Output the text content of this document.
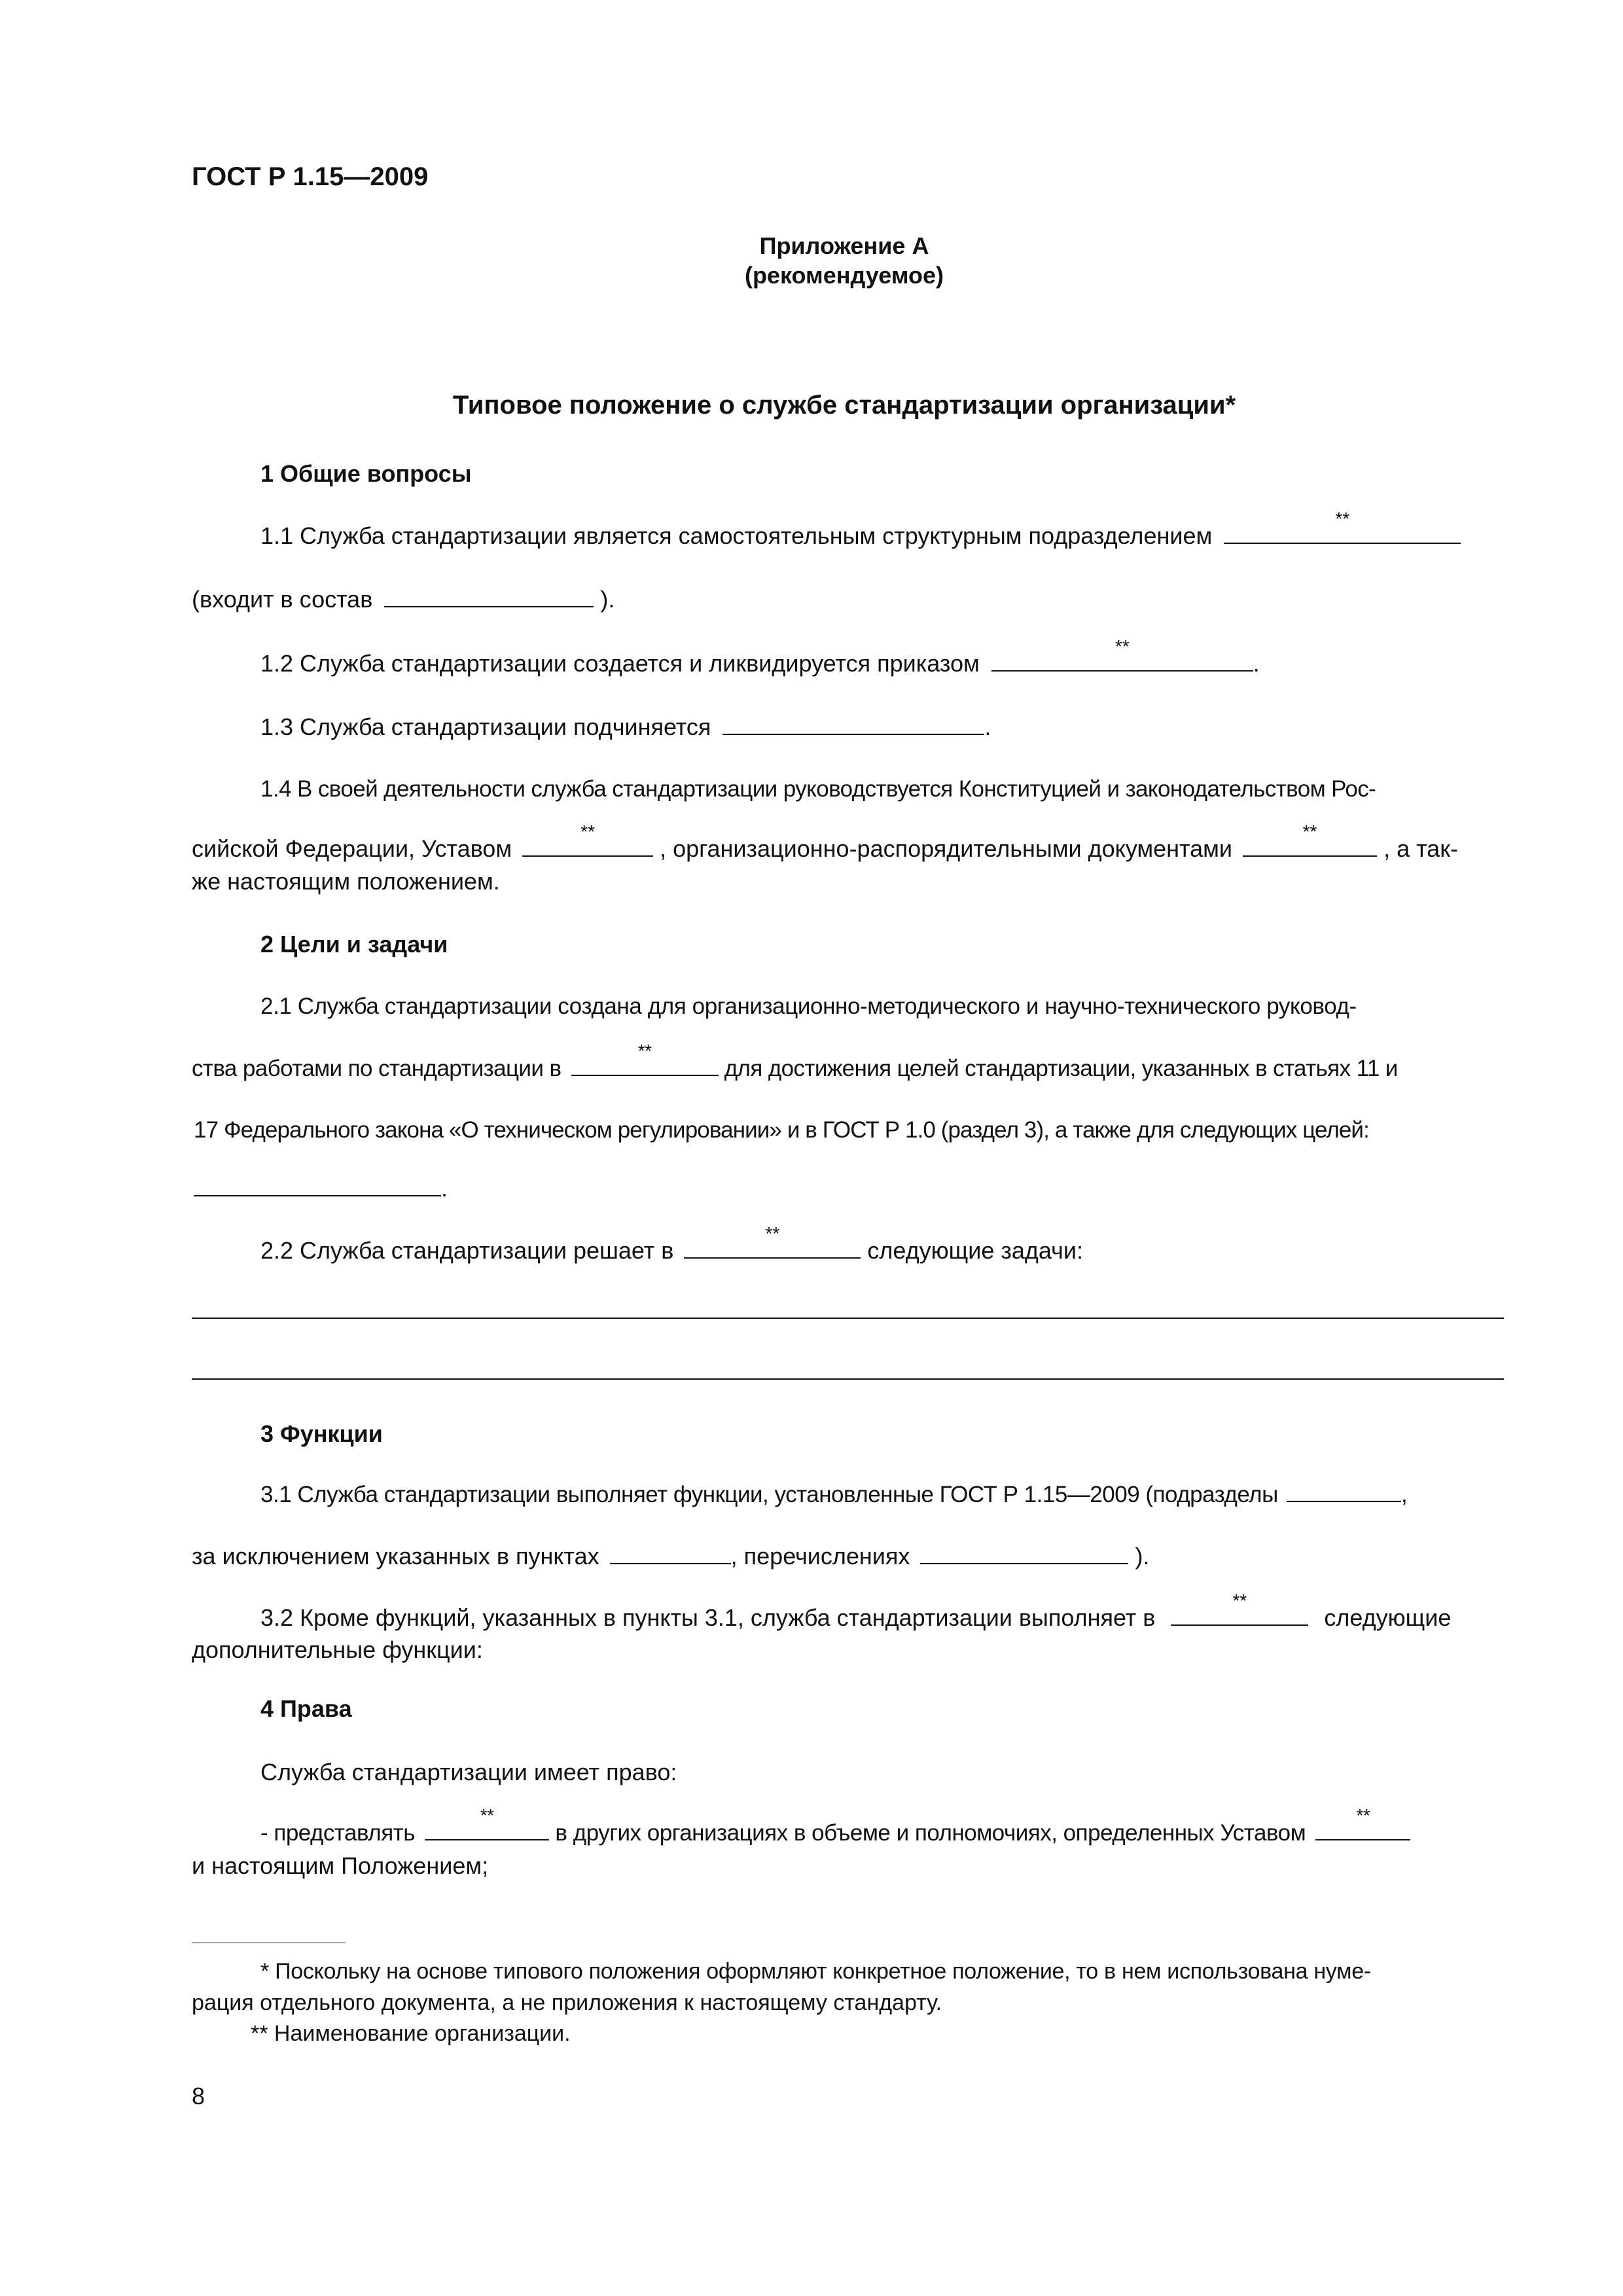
ГОСТ Р 1.15—2009
Приложение А
(рекомендуемое)
Типовое положение о службе стандартизации организации*
1 Общие вопросы
1.1 Служба стандартизации является самостоятельным структурным подразделением
**
(входит в состав	).
1.2 Служба стандартизации создается и ликвидируется приказом
**
.
1.3 Служба стандартизации подчиняется	.
1.4 В своей деятельности служба стандартизации руководствуется Конституцией и законодательством Рос-
сийской Федерации, Уставом
**
, организационно-распорядительными документами
**
, а так-
же настоящим положением.
2 Цели и задачи
2.1 Служба стандартизации создана для организационно-методического и научно-технического руковод-
ства работами по стандартизации в
**
для достижения целей стандартизации, указанных в статьях 11 и
17 Федерального закона «О техническом регулировании» и в ГОСТ Р 1.0 (раздел 3), а также для следующих целей:
.
2.2 Служба стандартизации решает в
**
следующие задачи:
3 Функции
3.1 Служба стандартизации выполняет функции, установленные ГОСТ Р 1.15—2009 (подразделы	,
за исключением указанных в пунктах	, перечислениях	).
3.2 Кроме функций, указанных в пункты 3.1, служба стандартизации выполняет в
**
следующие
дополнительные функции:
4 Права
Служба стандартизации имеет право:
- представлять
**
в других организациях в объеме и полномочиях, определенных Уставом
**
и настоящим Положением;
* Поскольку на основе типового положения оформляют конкретное положение, то в нем использована нуме-
рация отдельного документа, а не приложения к настоящему стандарту.
** Наименование организации.
8
